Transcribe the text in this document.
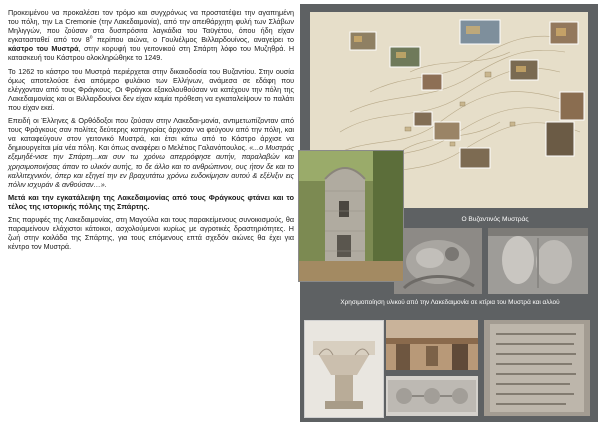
Προκειμένου να προκαλέσει τον τρόμο και συγχρόνως να προστατέψει την αγαπημένη του πόλη, την La Cremonie (την Λακεδαιμονία), από την απειθάρχητη φυλή των Σλάβων Μηλιγγών, που ζούσαν στα δυσπρόσιτα λαγκάδια του Ταϋγέτου, όπου ήδη είχαν εγκατασταθεί από τον $8^o$ περίπου αιώνα, ο Γουλιέλμος Βιλλαρδουίνος, αναγείρει το κάστρο του Μυστρά, στην κορυφή του γειτονικού στη Σπάρτη λόφο του Μυζηθρά. Η κατασκευή του Κάστρου ολοκληρώθηκε το 1249.

Το 1262 το κάστρο του Μυστρά περιέρχεται στην δικαιοδοσία του Βυζαντίου. Στην ουσία όμως αποτελούσε ένα απόμερο φυλάκιο των Ελλήνων, ανάμεσα σε εδάφη που ελέγχονταν από τους Φράγκους. Οι Φράγκοι εξακολουθούσαν να κατέχουν την πόλη της Λακεδαιμονίας και οι Βιλλαρδουίνοι δεν είχαν καμία πρόθεση να εγκαταλείψουν το παλάτι που είχαν εκεί.

Επειδή οι Έλληνες & Ορθόδοξοι που ζούσαν στην Λακεδαι-μονία, αντιμετωπίζονταν από τους Φράγκους σαν πολίτες δεύτερης κατηγορίας άρχισαν να φεύγουν από την πόλη, και να καταφεύγουν στον γειτονικό Μυστρά, και έτσι κάτω από το Κάστρο άρχισε να δημιουργείται μία νέα πόλη. Και όπως αναφέρει ο Μελέτιος Γαλανόπουλος. «...ο Μυστράς εξεμηδέ-νισε την Σπάρτη...και συν τω χρόνω απερρόφησε αυτήν, παραλαβών και χρησιμοποιήσας άπαν το υλικόν αυτής, το δε άλλο και το ανθρώπινον, ους ήτον δε και το καλλιτεχνικόν, όπερ και εξηγεί την εν βραχυτάτω χρόνω ευδοκίμησιν αυτού & εξέλιξιν εις πόλιν ισχυράν & ανθούσαν…».

Μετά και την εγκατάλειψη της Λακεδαιμονίας από τους Φράγκους φτάνει και το τέλος της ιστορικής πόλης της Σπάρτης.

Στις παρυφές της Λακεδαιμονίας, στη Μαγούλα και τους παρακείμενους συνοικισμούς, θα παραμείνουν ελάχιστοι κάτοικοι, ασχολούμενοι κυρίως με αγροτικές δραστηριότητες. Η ζωή στην κοιλάδα της Σπάρτης, για τους επόμενους επτά σχεδόν αιώνες θα έχει για κέντρο τον Μυστρά.

Ο Βυζαντινός Μυστράς
Χρησιμοποίηση υλικού από την Λακεδαιμονία σε κτίρια του Μυστρά και αλλού
